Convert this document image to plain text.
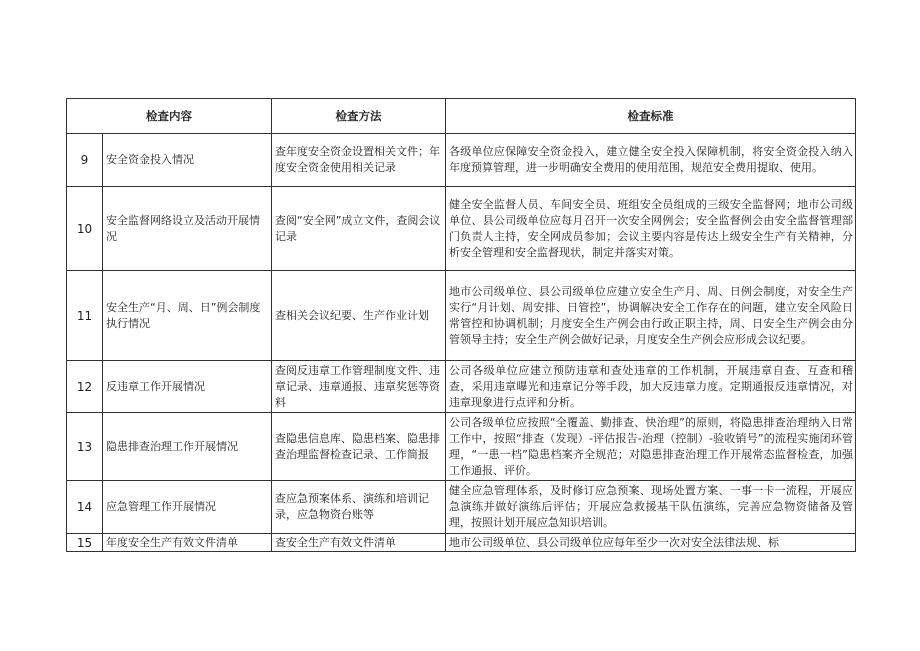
检查内容		检查方法	检查标准
9	安全资金投入情况	查年度安全资金设置相关文件；年度安全资金使用相关记录	各级单位应保障安全资金投入，建立健全安全投入保障机制，将安全资金投入纳入年度预算管理，进一步明确安全费用的使用范围，规范安全费用提取、使用。
10	安全监督网络设立及活动开展情况	查阅“安全网”成立文件，查阅会议记录	健全安全监督人员、车间安全员、班组安全员组成的三级安全监督网；地市公司级单位、县公司级单位应每月召开一次安全网例会；安全监督例会由安全监督管理部门负责人主持，安全网成员参加；会议主要内容是传达上级安全生产有关精神，分析安全管理和安全监督现状，制定并落实对策。
11	安全生产“月、周、日”例会制度执行情况	查相关会议纪要、生产作业计划	地市公司级单位、县公司级单位应建立安全生产月、周、日例会制度，对安全生产实行“月计划、周安排、日管控”，协调解决安全工作存在的问题，建立安全风险日常管控和协调机制；月度安全生产例会由行政正职主持，周、日安全生产例会由分管领导主持；安全生产例会做好记录，月度安全生产例会应形成会议纪要。
12	反违章工作开展情况	查阅反违章工作管理制度文件、违章记录、违章通报、违章奖惩等资料	公司各级单位应建立预防违章和查处违章的工作机制，开展违章自查、互查和稽查，采用违章曝光和违章记分等手段，加大反违章力度。定期通报反违章情况，对违章现象进行点评和分析。
13	隐患排查治理工作开展情况	查隐患信息库、隐患档案、隐患排查治理监督检查记录、工作简报	公司各级单位应按照“全覆盖、勤排查、快治理”的原则，将隐患排查治理纳入日常工作中，按照“排查（发现）-评估报告-治理（控制）-验收销号”的流程实施闭环管理，“一患一档”隐患档案齐全规范；对隐患排查治理工作开展常态监督检查，加强工作通报、评价。
14	应急管理工作开展情况	查应急预案体系、演练和培训记录，应急物资台账等	健全应急管理体系，及时修订应急预案、现场处置方案、一事一卡一流程，开展应急演练并做好演练后评估；开展应急救援基干队伍演练，完善应急物资储备及管理，按照计划开展应急知识培训。
15	年度安全生产有效文件清单	查安全生产有效文件清单	地市公司级单位、县公司级单位应每年至少一次对安全法律法规、标
